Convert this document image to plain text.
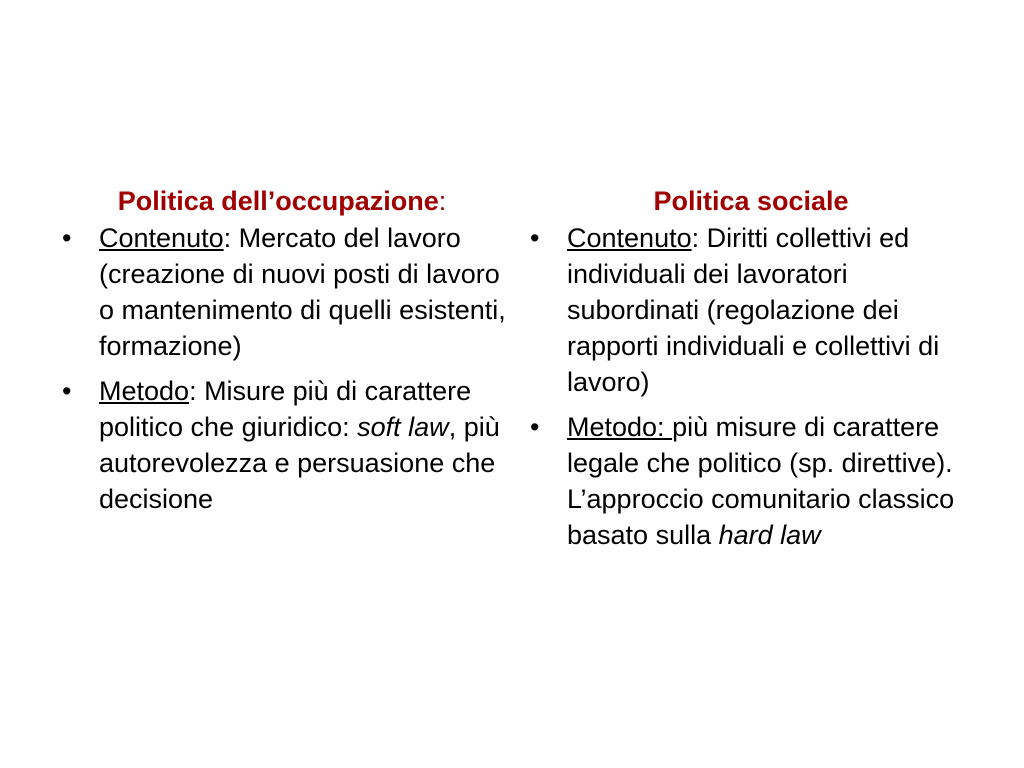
Politica dell’occupazione:
• Contenuto: Mercato del lavoro (creazione di nuovi posti di lavoro o mantenimento di quelli esistenti, formazione)
• Metodo: Misure più di carattere politico che giuridico: soft law, più autorevolezza e persuasione che decisione
Politica sociale
• Contenuto: Diritti collettivi ed individuali dei lavoratori subordinati (regolazione dei rapporti individuali e collettivi di lavoro)
• Metodo: più misure di carattere legale che politico (sp. direttive). L’approccio comunitario classico basato sulla hard law
